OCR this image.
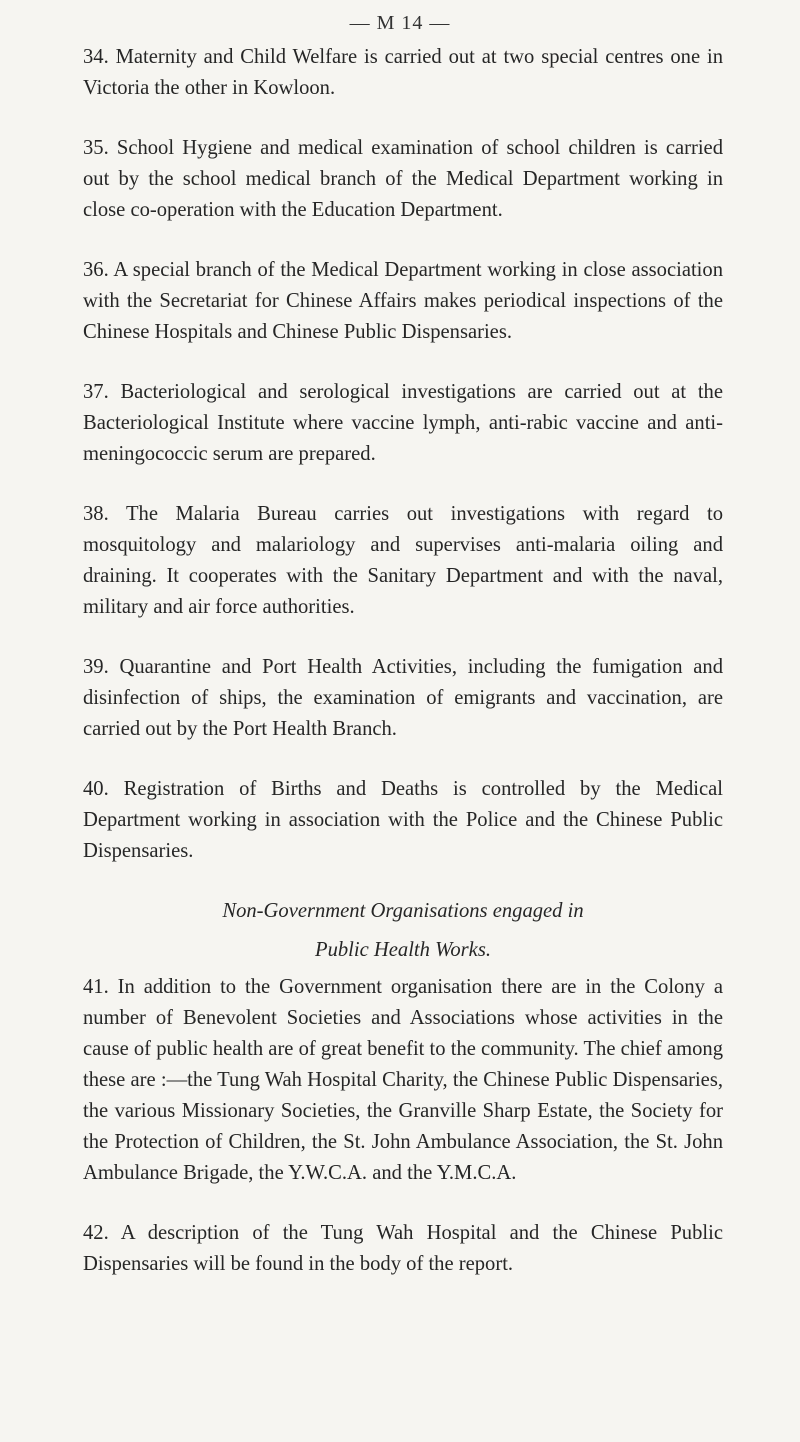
— M 14 —

34. Maternity and Child Welfare is carried out at two special centres one in Victoria the other in Kowloon.

35. School Hygiene and medical examination of school children is carried out by the school medical branch of the Medical Department working in close co-operation with the Education Department.

36. A special branch of the Medical Department working in close association with the Secretariat for Chinese Affairs makes periodical inspections of the Chinese Hospitals and Chinese Public Dispensaries.

37. Bacteriological and serological investigations are carried out at the Bacteriological Institute where vaccine lymph, anti-rabic vaccine and anti-meningococcic serum are prepared.

38. The Malaria Bureau carries out investigations with regard to mosquitology and malariology and supervises anti-malaria oiling and draining. It cooperates with the Sanitary Department and with the naval, military and air force authorities.

39. Quarantine and Port Health Activities, including the fumigation and disinfection of ships, the examination of emigrants and vaccination, are carried out by the Port Health Branch.

40. Registration of Births and Deaths is controlled by the Medical Department working in association with the Police and the Chinese Public Dispensaries.

Non-Government Organisations engaged in

Public Health Works.

41. In addition to the Government organisation there are in the Colony a number of Benevolent Societies and Associations whose activities in the cause of public health are of great benefit to the community. The chief among these are :—the Tung Wah Hospital Charity, the Chinese Public Dispensaries, the various Missionary Societies, the Granville Sharp Estate, the Society for the Protection of Children, the St. John Ambulance Association, the St. John Ambulance Brigade, the Y.W.C.A. and the Y.M.C.A.

42. A description of the Tung Wah Hospital and the Chinese Public Dispensaries will be found in the body of the report.
